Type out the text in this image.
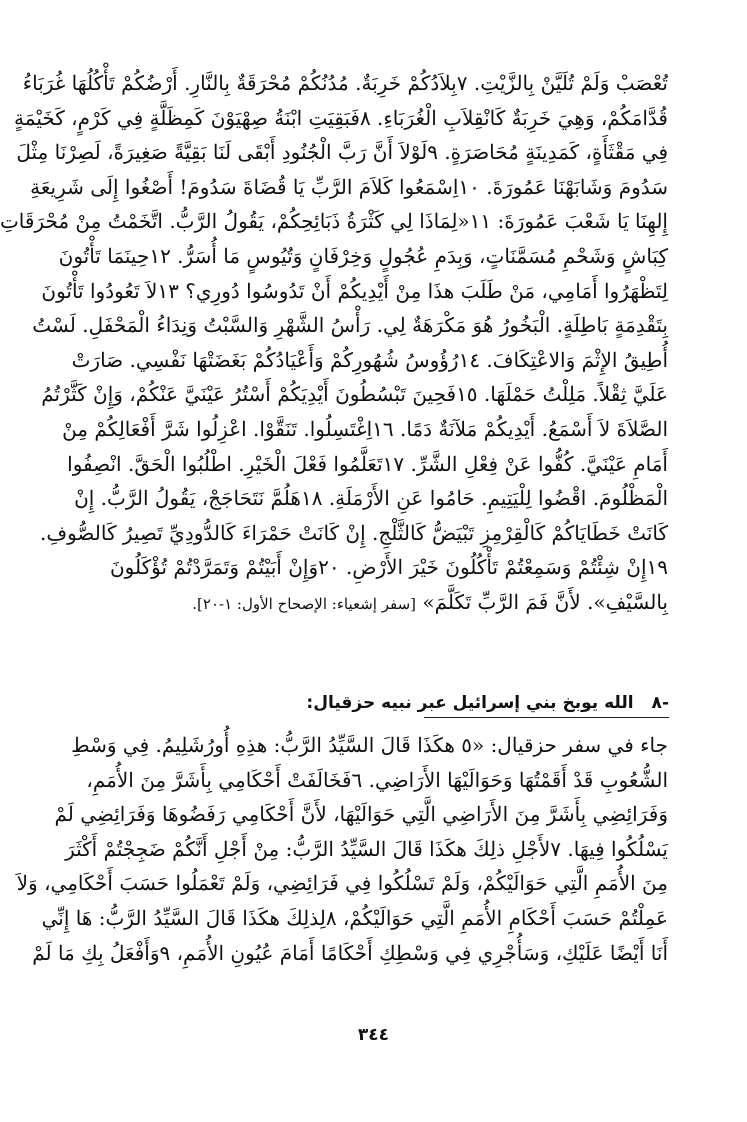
تُعْصَبْ وَلَمْ تُلَيَّنْ بِالزَّيْتِ. ٧بِلاَدُكُمْ خَرِبَةٌ. مُدُنُكُمْ مُحْرَقَةٌ بِالنَّارِ. أَرْضُكُمْ تَأْكُلُهَا غُرَبَاءُ
قُدَّامَكُمْ، وَهِيَ خَرِبَةٌ كَانْقِلاَبِ الْغُرَبَاءِ. ٨فَبَقِيَتِ ابْنَةُ صِهْيَوْنَ كَمِظَلَّةٍ فِي كَرْمٍ، كَخَيْمَةٍ
فِي مَقْثَأَةٍ، كَمَدِينَةٍ مُحَاصَرَةٍ. ٩لَوْلاَ أَنَّ رَبَّ الْجُنُودِ أَبْقَى لَنَا بَقِيَّةً صَغِيرَةً، لَصِرْنَا مِثْلَ
سَدُومَ وَشَابَهْنَا عَمُورَةَ. ١٠اِسْمَعُوا كَلاَمَ الرَّبِّ يَا قُضَاةَ سَدُومَ! أَصْغُوا إِلَى شَرِيعَةِ
إِلهِنَا يَا شَعْبَ عَمُورَةَ: ١١«لِمَاذَا لِي كَثْرَةُ ذَبَائِحِكُمْ، يَقُولُ الرَّبُّ. اتَّخَمْتُ مِنْ مُحْرَقَاتِ
كِبَاشٍ وَشَحْمِ مُسَمَّنَاتٍ، وَبِدَمِ عُجُولٍ وَخِرْفَانٍ وَتُيُوسٍ مَا أُسَرُّ. ١٢حِينَمَا تَأْتُونَ
لِتَظْهَرُوا أَمَامِي، مَنْ طَلَبَ هذَا مِنْ أَيْدِيكُمْ أَنْ تَدُوسُوا دُورِي؟ ١٣لاَ تَعُودُوا تَأْتُونَ
بِتَقْدِمَةٍ بَاطِلَةٍ. الْبَخُورُ هُوَ مَكْرَهَةٌ لِي. رَأْسُ الشَّهْرِ وَالسَّبْتُ وَنِدَاءُ الْمَحْفَلِ. لَسْتُ
أُطِيقُ الإِثْمَ وَالاعْتِكَافَ. ١٤رُؤُوسُ شُهُورِكُمْ وَأَعْيَادُكُمْ بَغَضَتْهَا نَفْسِي. صَارَتْ
عَلَيَّ ثِقْلاً. مَلِلْتُ حَمْلَهَا. ١٥فَحِينَ تَبْسُطُونَ أَيْدِيَكُمْ أَسْتُرُ عَيْنَيَّ عَنْكُمْ، وَإِنْ كَثَّرْتُمُ
الصَّلاَةَ لاَ أَسْمَعُ. أَيْدِيكُمْ مَلآنَةٌ دَمًا. ١٦اِغْتَسِلُوا. تَنَقَّوْا. اعْزِلُوا شَرَّ أَفْعَالِكُمْ مِنْ
أَمَامِ عَيْنَيَّ. كُفُّوا عَنْ فِعْلِ الشَّرِّ. ١٧تَعَلَّمُوا فَعْلَ الْخَيْرِ. اطْلُبُوا الْحَقَّ. انْصِفُوا
الْمَظْلُومَ. اقْضُوا لِلْيَتِيمِ. حَامُوا عَنِ الأَرْمَلَةِ. ١٨هَلُمَّ نَتَحَاجَجْ، يَقُولُ الرَّبُّ. إِنْ
كَانَتْ خَطَايَاكُمْ كَالْقِرْمِزِ تَبْيَضُّ كَالثَّلْجِ. إِنْ كَانَتْ حَمْرَاءَ كَالدُّودِيِّ تَصِيرُ كَالصُّوفِ.
١٩إِنْ شِئْتُمْ وَسَمِعْتُمْ تَأْكُلُونَ خَيْرَ الأَرْضِ. ٢٠وَإِنْ أَبَيْتُمْ وَتَمَرَّدْتُمْ تُؤْكَلُونَ
بِالسَّيْفِ». لأَنَّ فَمَ الرَّبِّ تَكَلَّمَ» [سفر إشعياء: الإصحاح الأول: ١-٢٠].
-٨الله يوبخ بني إسرائيل عبر نبيه حزقيال:
جاء في سفر حزقيال: «٥ هكَذَا قَالَ السَّيِّدُ الرَّبُّ: هذِهِ أُورُشَلِيمُ. فِي وَسْطِ
الشُّعُوبِ قَدْ أَقَمْتُهَا وَحَوَالَيْهَا الأَرَاضِي. ٦فَخَالَفَتْ أَحْكَامِي بِأَشَرَّ مِنَ الأُمَمِ،
وَفَرَائِضِي بِأَشَرَّ مِنَ الأَرَاضِي الَّتِي حَوَالَيْهَا، لأَنَّ أَحْكَامِي رَفَضُوهَا وَفَرَائِضِي لَمْ
يَسْلُكُوا فِيهَا. ٧لأَجْلِ ذلِكَ هكَذَا قَالَ السَّيِّدُ الرَّبُّ: مِنْ أَجْلِ أَنَّكُمْ ضَجِجْتُمْ أَكْثَرَ
مِنَ الأُمَمِ الَّتِي حَوَالَيْكُمْ، وَلَمْ تَسْلُكُوا فِي فَرَائِضِي، وَلَمْ تَعْمَلُوا حَسَبَ أَحْكَامِي، وَلاَ
عَمِلْتُمْ حَسَبَ أَحْكَامِ الأُمَمِ الَّتِي حَوَالَيْكُمْ، ٨لِذلِكَ هكَذَا قَالَ السَّيِّدُ الرَّبُّ: هَا إِنِّي
أَنَا أَيْضًا عَلَيْكِ، وَسَأُجْرِي فِي وَسْطِكِ أَحْكَامًا أَمَامَ عُيُونِ الأُمَمِ، ٩وَأَفْعَلُ بِكِ مَا لَمْ
٣٤٤
